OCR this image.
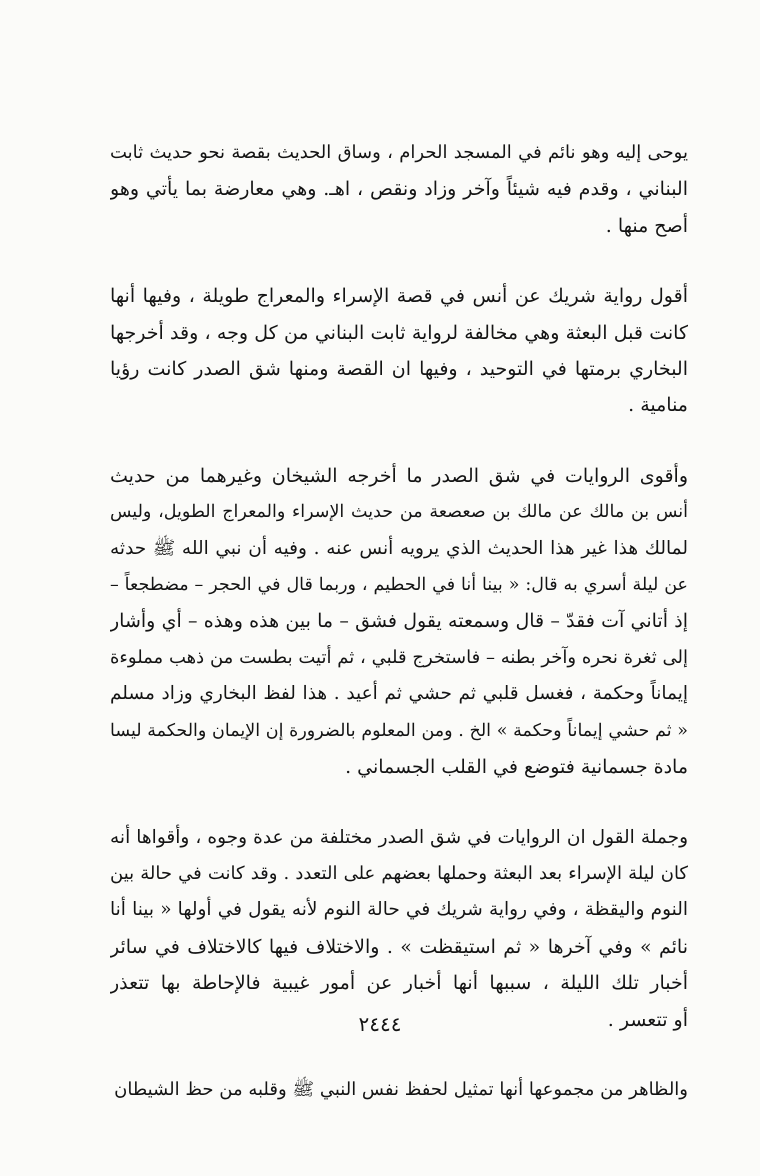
يوحى إليه وهو نائم في المسجد الحرام ، وساق الحديث بقصة نحو حديث ثابت
البناني ، وقدم فيه شيئاً وآخر وزاد ونقص ، اهـ. وهي معارضة بما يأتي وهو
أصح منها .
أقول رواية شريك عن أنس في قصة الإسراء والمعراج طويلة ، وفيها أنها
كانت قبل البعثة وهي مخالفة لرواية ثابت البناني من كل وجه ، وقد أخرجها
البخاري برمتها في التوحيد ، وفيها ان القصة ومنها شق الصدر كانت رؤيا
منامية .
وأقوى الروايات في شق الصدر ما أخرجه الشيخان وغيرهما من حديث
أنس بن مالك عن مالك بن صعصعة من حديث الإسراء والمعراج الطويل، وليس
لمالك هذا غير هذا الحديث الذي يرويه أنس عنه . وفيه أن نبي الله ﷺ حدثه
عن ليلة أسري به قال: « بينا أنا في الحطيم ، وربما قال في الحجر – مضطجعاً –
إذ أتاني آت فقدّ – قال وسمعته يقول فشق – ما بين هذه وهذه – أي وأشار
إلى ثغرة نحره وآخر بطنه – فاستخرج قلبي ، ثم أتيت بطست من ذهب مملوءة
إيماناً وحكمة ، فغسل قلبي ثم حشي ثم أعيد . هذا لفظ البخاري وزاد مسلم
« ثم حشي إيماناً وحكمة » الخ . ومن المعلوم بالضرورة إن الإيمان والحكمة ليسا
مادة جسمانية فتوضع في القلب الجسماني .
وجملة القول ان الروايات في شق الصدر مختلفة من عدة وجوه ، وأقواها أنه
كان ليلة الإسراء بعد البعثة وحملها بعضهم على التعدد . وقد كانت في حالة بين
النوم واليقظة ، وفي رواية شريك في حالة النوم لأنه يقول في أولها « بينا أنا
نائم » وفي آخرها « ثم استيقظت » . والاختلاف فيها كالاختلاف في سائر
أخبار تلك الليلة ، سببها أنها أخبار عن أمور غيبية فالإحاطة بها تتعذر
أو تتعسر .
والظاهر من مجموعها أنها تمثيل لحفظ نفس النبي ﷺ وقلبه من حظ الشيطان
٢٤٤٤
